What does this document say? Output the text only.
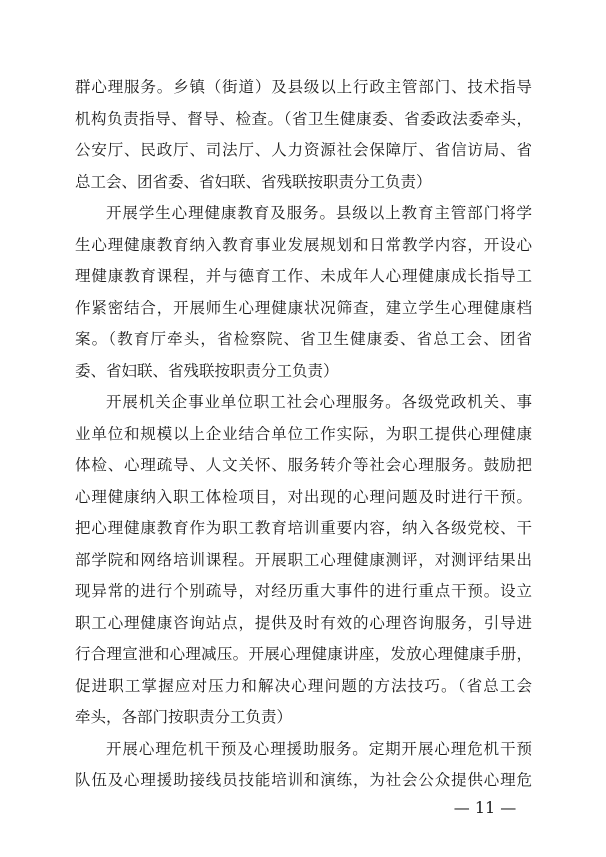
群心理服务。乡镇（街道）及县级以上行政主管部门、技术指导
机构负责指导、督导、检查。（省卫生健康委、省委政法委牵头，
公安厅、民政厅、司法厅、人力资源社会保障厅、省信访局、省
总工会、团省委、省妇联、省残联按职责分工负责）
开展学生心理健康教育及服务。县级以上教育主管部门将学
生心理健康教育纳入教育事业发展规划和日常教学内容，开设心
理健康教育课程，并与德育工作、未成年人心理健康成长指导工
作紧密结合，开展师生心理健康状况筛查，建立学生心理健康档
案。（教育厅牵头，省检察院、省卫生健康委、省总工会、团省
委、省妇联、省残联按职责分工负责）
开展机关企事业单位职工社会心理服务。各级党政机关、事
业单位和规模以上企业结合单位工作实际，为职工提供心理健康
体检、心理疏导、人文关怀、服务转介等社会心理服务。鼓励把
心理健康纳入职工体检项目，对出现的心理问题及时进行干预。
把心理健康教育作为职工教育培训重要内容，纳入各级党校、干
部学院和网络培训课程。开展职工心理健康测评，对测评结果出
现异常的进行个别疏导，对经历重大事件的进行重点干预。设立
职工心理健康咨询站点，提供及时有效的心理咨询服务，引导进
行合理宣泄和心理减压。开展心理健康讲座，发放心理健康手册，
促进职工掌握应对压力和解决心理问题的方法技巧。（省总工会
牵头，各部门按职责分工负责）
开展心理危机干预及心理援助服务。定期开展心理危机干预
队伍及心理援助接线员技能培训和演练，为社会公众提供心理危
— 11 —
